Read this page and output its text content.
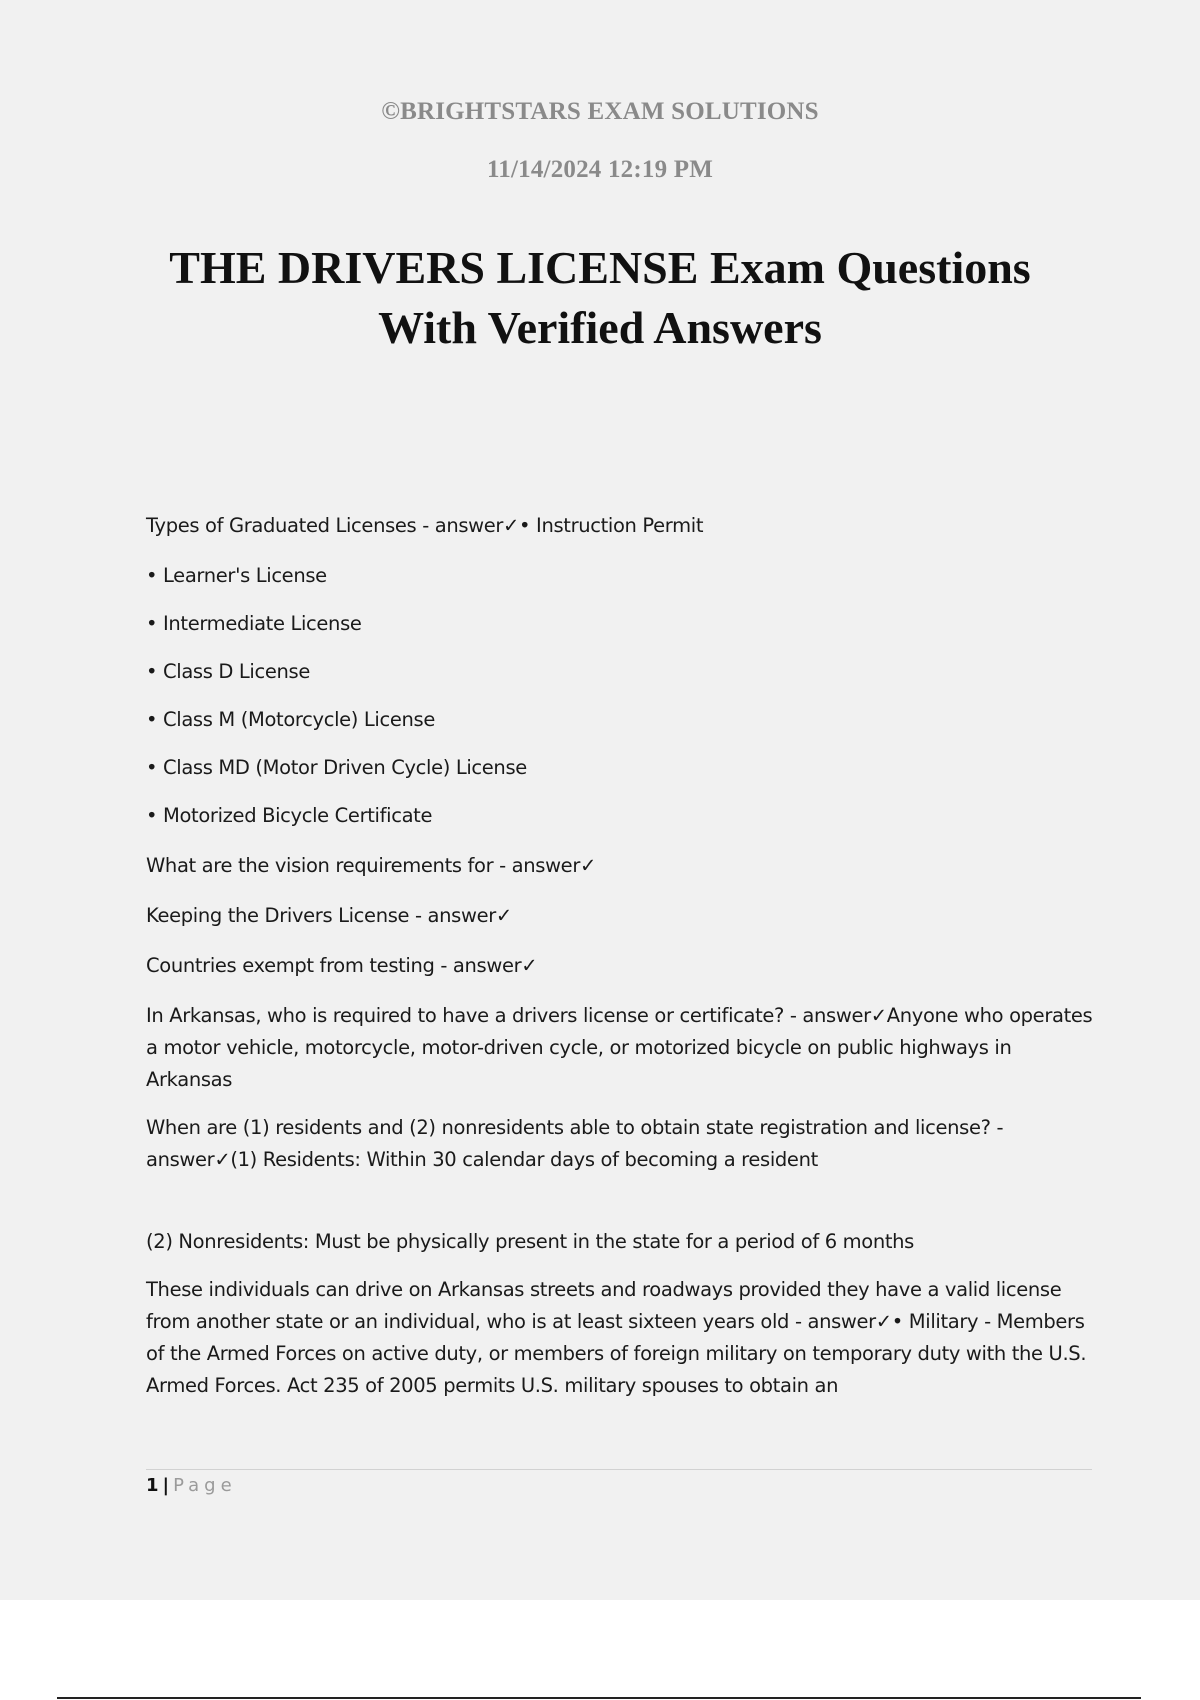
©BRIGHTSTARS EXAM SOLUTIONS
11/14/2024 12:19 PM
THE DRIVERS LICENSE Exam Questions
With Verified Answers

Types of Graduated Licenses - answer✓• Instruction Permit

• Learner's License

• Intermediate License

• Class D License

• Class M (Motorcycle) License

• Class MD (Motor Driven Cycle) License

• Motorized Bicycle Certificate

What are the vision requirements for - answer✓

Keeping the Drivers License - answer✓

Countries exempt from testing - answer✓

In Arkansas, who is required to have a drivers license or certificate? - answer✓Anyone who operates a motor vehicle, motorcycle, motor-driven cycle, or motorized bicycle on public highways in Arkansas

When are (1) residents and (2) nonresidents able to obtain state registration and license? - answer✓(1) Residents: Within 30 calendar days of becoming a resident

(2) Nonresidents: Must be physically present in the state for a period of 6 months

These individuals can drive on Arkansas streets and roadways provided they have a valid license from another state or an individual, who is at least sixteen years old - answer✓• Military - Members of the Armed Forces on active duty, or members of foreign military on temporary duty with the U.S. Armed Forces. Act 235 of 2005 permits U.S. military spouses to obtain an

1 | Page
